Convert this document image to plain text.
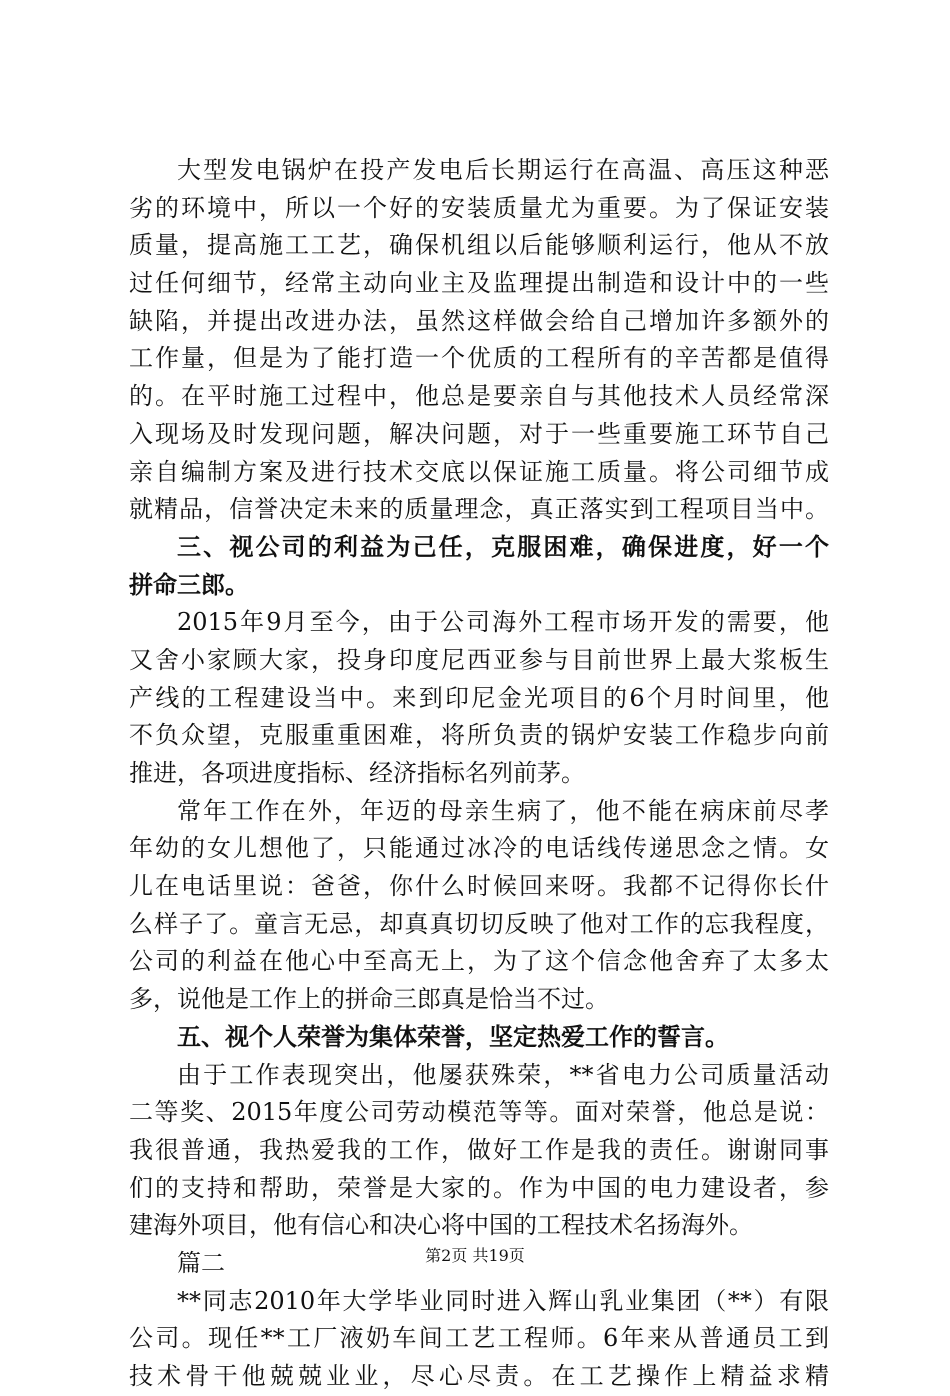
大型发电锅炉在投产发电后长期运行在高温、高压这种恶
劣的环境中，所以一个好的安装质量尤为重要。为了保证安装
质量，提高施工工艺，确保机组以后能够顺利运行，他从不放
过任何细节，经常主动向业主及监理提出制造和设计中的一些
缺陷，并提出改进办法，虽然这样做会给自己增加许多额外的
工作量，但是为了能打造一个优质的工程所有的辛苦都是值得
的。在平时施工过程中，他总是要亲自与其他技术人员经常深
入现场及时发现问题，解决问题，对于一些重要施工环节自己
亲自编制方案及进行技术交底以保证施工质量。将公司细节成
就精品，信誉决定未来的质量理念，真正落实到工程项目当中。
三、视公司的利益为己任，克服困难，确保进度，好一个
拼命三郎。
2015年9月至今，由于公司海外工程市场开发的需要，他
又舍小家顾大家，投身印度尼西亚参与目前世界上最大浆板生
产线的工程建设当中。来到印尼金光项目的6个月时间里，他
不负众望，克服重重困难，将所负责的锅炉安装工作稳步向前
推进，各项进度指标、经济指标名列前茅。
常年工作在外，年迈的母亲生病了，他不能在病床前尽孝
年幼的女儿想他了，只能通过冰冷的电话线传递思念之情。女
儿在电话里说：爸爸，你什么时候回来呀。我都不记得你长什
么样子了。童言无忌，却真真切切反映了他对工作的忘我程度，
公司的利益在他心中至高无上，为了这个信念他舍弃了太多太
多，说他是工作上的拼命三郎真是恰当不过。
五、视个人荣誉为集体荣誉，坚定热爱工作的誓言。
由于工作表现突出，他屡获殊荣，**省电力公司质量活动
二等奖、2015年度公司劳动模范等等。面对荣誉，他总是说：
我很普通，我热爱我的工作，做好工作是我的责任。谢谢同事
们的支持和帮助，荣誉是大家的。作为中国的电力建设者，参
建海外项目，他有信心和决心将中国的工程技术名扬海外。
篇二
**同志2010年大学毕业同时进入辉山乳业集团（**）有限
公司。现任**工厂液奶车间工艺工程师。6年来从普通员工到
技术骨干他兢兢业业，尽心尽责。在工艺操作上精益求精
第2页 共19页
